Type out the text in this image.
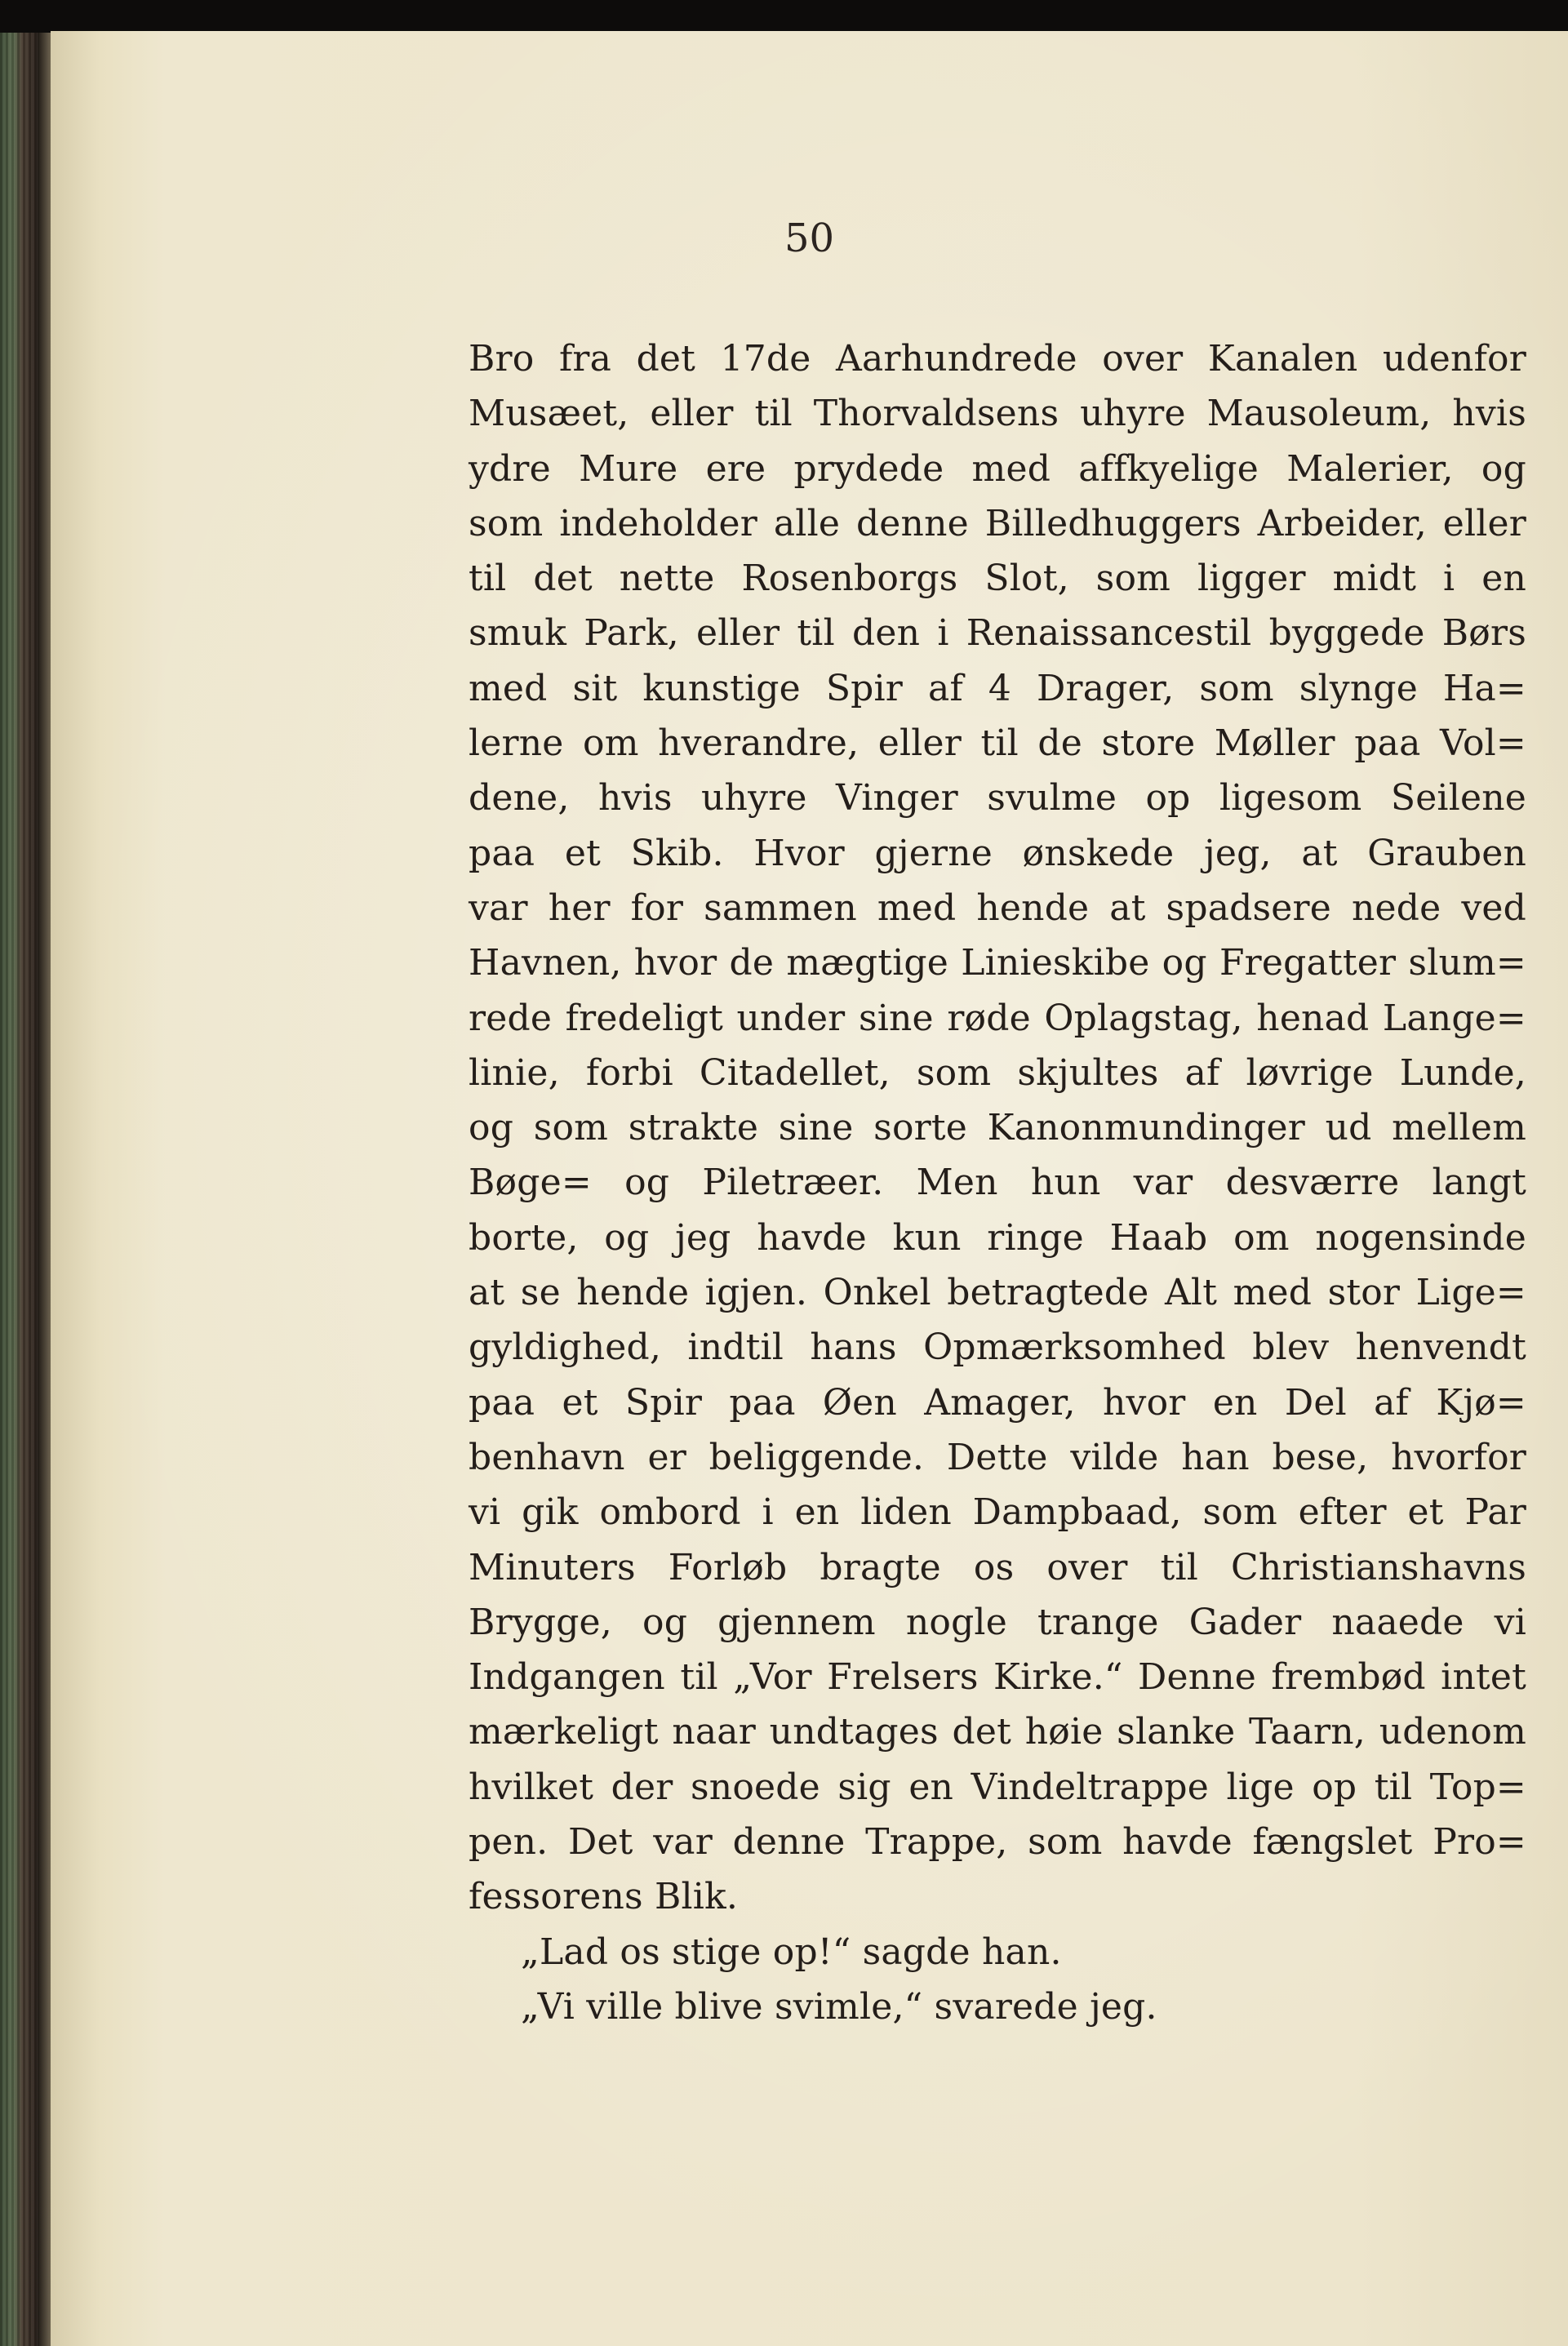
50
Bro fra det 17de Aarhundrede over Kanalen udenfor
Musæet, eller til Thorvaldsens uhyre Mausoleum, hvis
ydre Mure ere prydede med affkyelige Malerier, og
som indeholder alle denne Billedhuggers Arbeider, eller
til det nette Rosenborgs Slot, som ligger midt i en
smuk Park, eller til den i Renaissancestil byggede Børs
med sit kunstige Spir af 4 Drager, som slynge Ha=
lerne om hverandre, eller til de store Møller paa Vol=
dene, hvis uhyre Vinger svulme op ligesom Seilene
paa et Skib. Hvor gjerne ønskede jeg, at Grauben
var her for sammen med hende at spadsere nede ved
Havnen, hvor de mægtige Linieskibe og Fregatter slum=
rede fredeligt under sine røde Oplagstag, henad Lange=
linie, forbi Citadellet, som skjultes af løvrige Lunde,
og som strakte sine sorte Kanonmundinger ud mellem
Bøge= og Piletræer. Men hun var desværre langt
borte, og jeg havde kun ringe Haab om nogensinde
at se hende igjen. Onkel betragtede Alt med stor Lige=
gyldighed, indtil hans Opmærksomhed blev henvendt
paa et Spir paa Øen Amager, hvor en Del af Kjø=
benhavn er beliggende. Dette vilde han bese, hvorfor
vi gik ombord i en liden Dampbaad, som efter et Par
Minuters Forløb bragte os over til Christianshavns
Brygge, og gjennem nogle trange Gader naaede vi
Indgangen til „Vor Frelsers Kirke.“ Denne frembød intet
mærkeligt naar undtages det høie slanke Taarn, udenom
hvilket der snoede sig en Vindeltrappe lige op til Top=
pen. Det var denne Trappe, som havde fængslet Pro=
fessorens Blik.
„Lad os stige op!“ sagde han.
„Vi ville blive svimle,“ svarede jeg.
